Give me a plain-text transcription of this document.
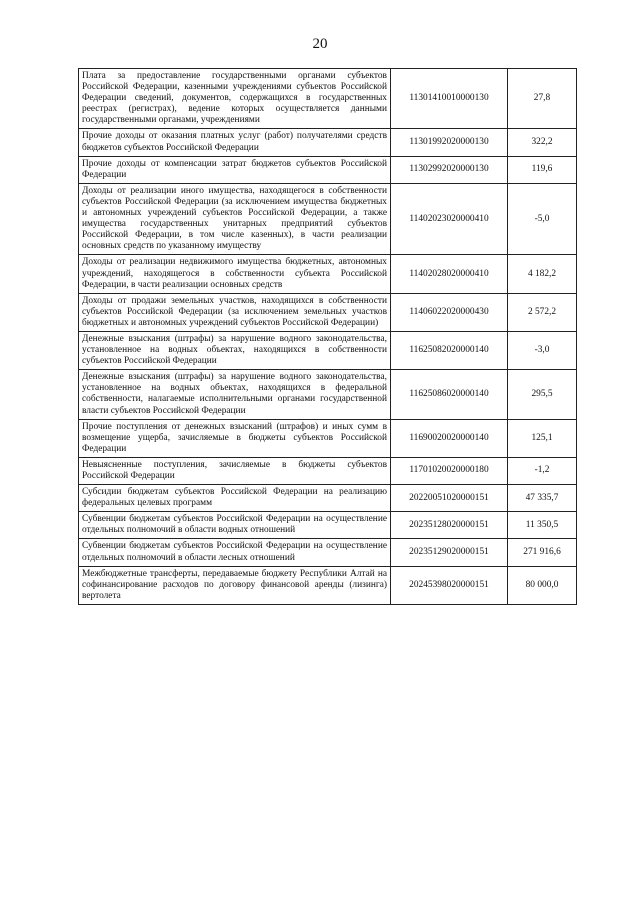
20
Плата за предоставление государственными органами субъектов Российской Федерации, казенными учреждениями субъектов Российской Федерации сведений, документов, содержащихся в государственных реестрах (регистрах), ведение которых осуществляется данными государственными органами, учреждениями	11301410010000130	27,8
Прочие доходы от оказания платных услуг (работ) получателями средств бюджетов субъектов Российской Федерации	11301992020000130	322,2
Прочие доходы от компенсации затрат бюджетов субъектов Российской Федерации	11302992020000130	119,6
Доходы от реализации иного имущества, находящегося в собственности субъектов Российской Федерации (за исключением имущества бюджетных и автономных учреждений субъектов Российской Федерации, а также имущества государственных унитарных предприятий субъектов Российской Федерации, в том числе казенных), в части реализации основных средств по указанному имуществу	11402023020000410	-5,0
Доходы от реализации недвижимого имущества бюджетных, автономных учреждений, находящегося в собственности субъекта Российской Федерации, в части реализации основных средств	11402028020000410	4 182,2
Доходы от продажи земельных участков, находящихся в собственности субъектов Российской Федерации (за исключением земельных участков бюджетных и автономных учреждений субъектов Российской Федерации)	11406022020000430	2 572,2
Денежные взыскания (штрафы) за нарушение водного законодательства, установленное на водных объектах, находящихся в собственности субъектов Российской Федерации	11625082020000140	-3,0
Денежные взыскания (штрафы) за нарушение водного законодательства, установленное на водных объектах, находящихся в федеральной собственности, налагаемые исполнительными органами государственной власти субъектов Российской Федерации	11625086020000140	295,5
Прочие поступления от денежных взысканий (штрафов) и иных сумм в возмещение ущерба, зачисляемые в бюджеты субъектов Российской Федерации	11690020020000140	125,1
Невыясненные поступления, зачисляемые в бюджеты субъектов Российской Федерации	11701020020000180	-1,2
Субсидии бюджетам субъектов Российской Федерации на реализацию федеральных целевых программ	20220051020000151	47 335,7
Субвенции бюджетам субъектов Российской Федерации на осуществление отдельных полномочий в области водных отношений	20235128020000151	11 350,5
Субвенции бюджетам субъектов Российской Федерации на осуществление отдельных полномочий в области лесных отношений	20235129020000151	271 916,6
Межбюджетные трансферты, передаваемые бюджету Республики Алтай на софинансирование расходов по договору финансовой аренды (лизинга) вертолета	20245398020000151	80 000,0
